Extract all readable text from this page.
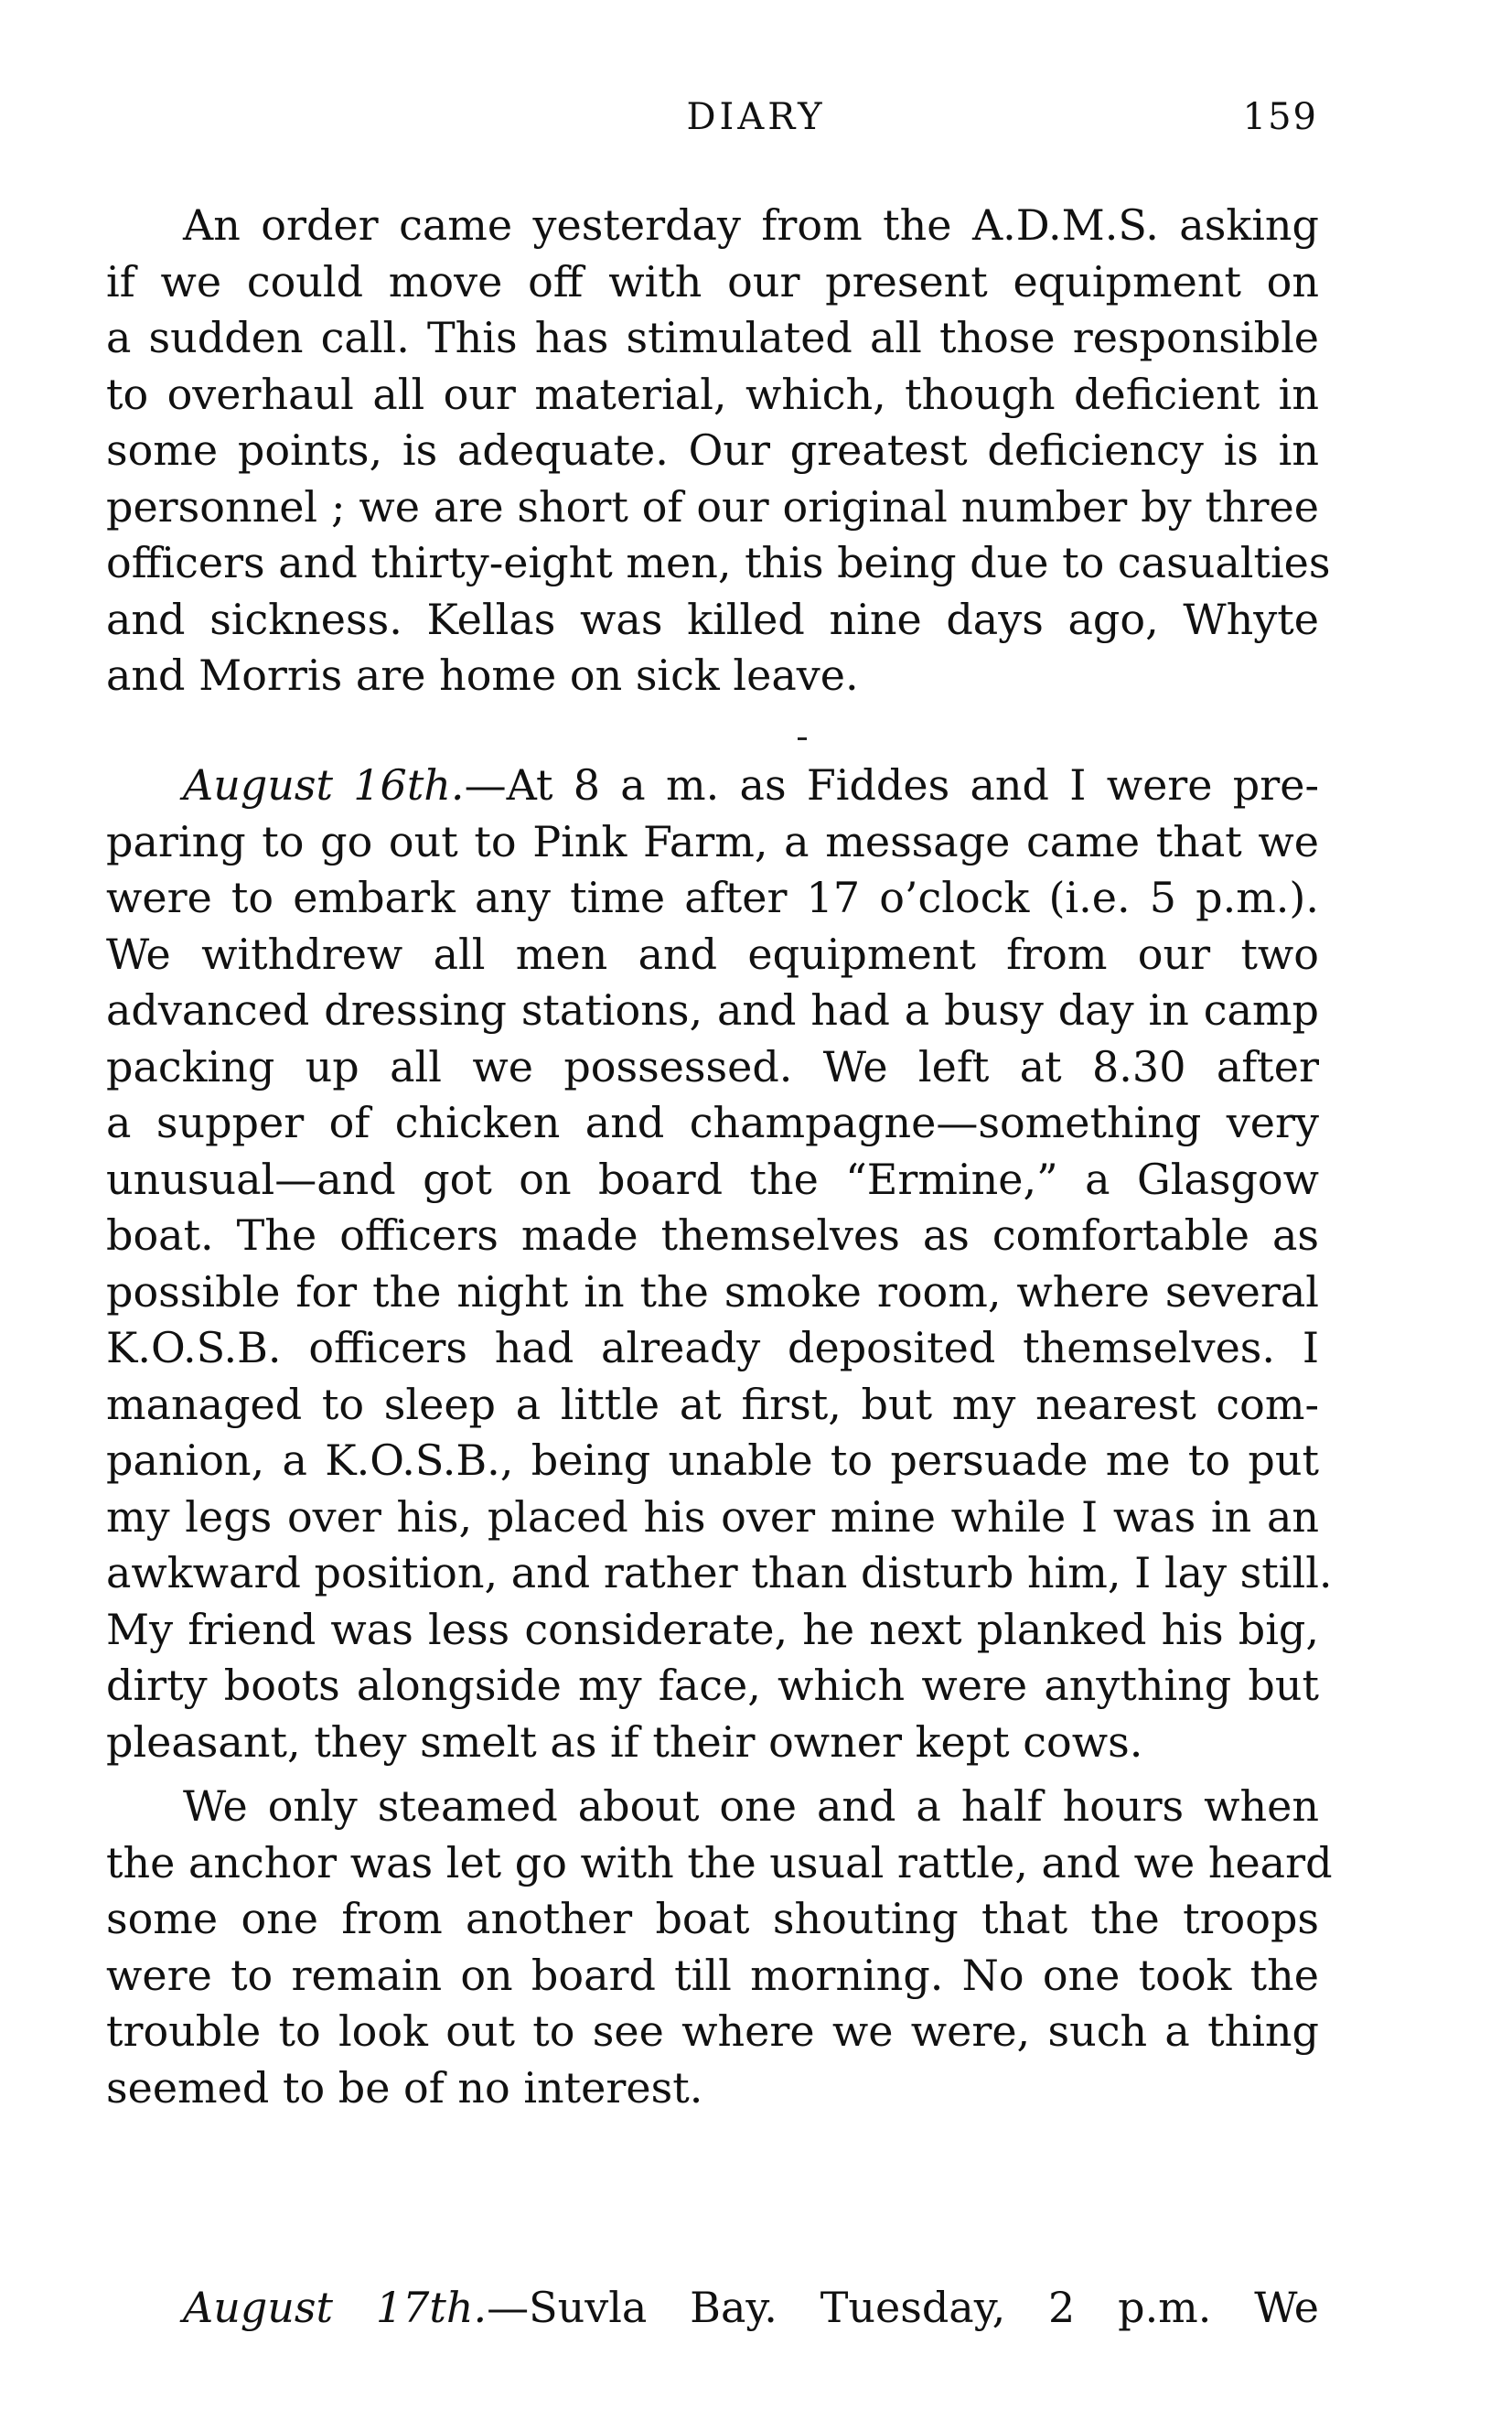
DIARY	159
An order came yesterday from the A.D.M.S. asking
if we could move off with our present equipment on
a sudden call. This has stimulated all those responsible
to overhaul all our material, which, though deficient in
some points, is adequate. Our greatest deficiency is in
personnel ; we are short of our original number by three
officers and thirty-eight men, this being due to casualties
and sickness. Kellas was killed nine days ago, Whyte
and Morris are home on sick leave.
August 16th.—At 8 a m. as Fiddes and I were pre-
paring to go out to Pink Farm, a message came that we
were to embark any time after 17 o’clock (i.e. 5 p.m.).
We withdrew all men and equipment from our two
advanced dressing stations, and had a busy day in camp
packing up all we possessed. We left at 8.30 after
a supper of chicken and champagne—something very
unusual—and got on board the “Ermine,” a Glasgow
boat. The officers made themselves as comfortable as
possible for the night in the smoke room, where several
K.O.S.B. officers had already deposited themselves. I
managed to sleep a little at first, but my nearest com-
panion, a K.O.S.B., being unable to persuade me to put
my legs over his, placed his over mine while I was in an
awkward position, and rather than disturb him, I lay still.
My friend was less considerate, he next planked his big,
dirty boots alongside my face, which were anything but
pleasant, they smelt as if their owner kept cows.
We only steamed about one and a half hours when
the anchor was let go with the usual rattle, and we heard
some one from another boat shouting that the troops
were to remain on board till morning. No one took the
trouble to look out to see where we were, such a thing
seemed to be of no interest.
August 17th.—Suvla Bay. Tuesday, 2 p.m. We
